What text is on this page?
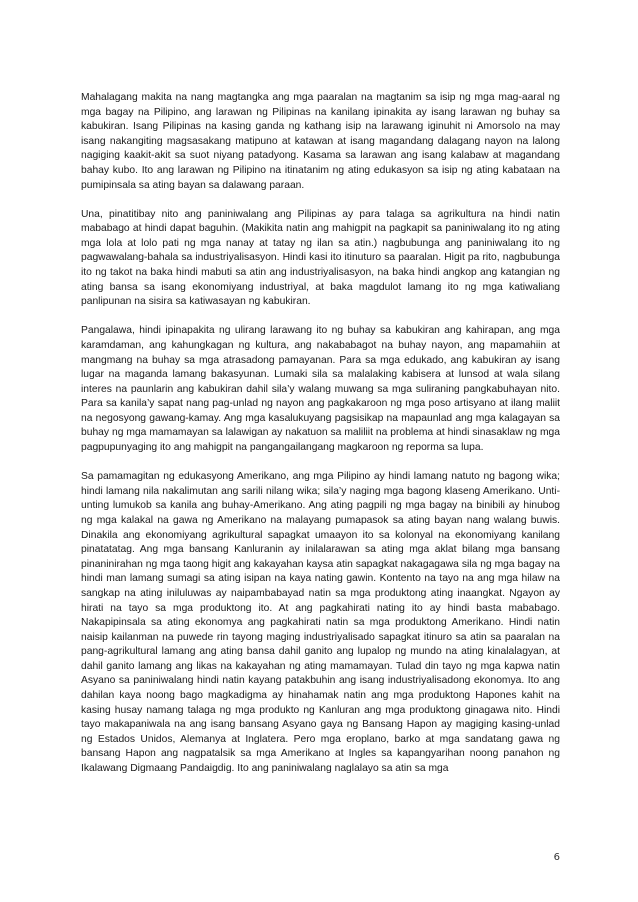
Mahalagang makita na nang magtangka ang mga paaralan na magtanim sa isip ng mga mag-aaral ng mga bagay na Pilipino, ang larawan ng Pilipinas na kanilang ipinakita ay isang larawan ng buhay sa kabukiran. Isang Pilipinas na kasing ganda ng kathang isip na larawang iginuhit ni Amorsolo na may isang nakangiting magsasakang matipuno at katawan at isang magandang dalagang nayon na lalong nagiging kaakit-akit sa suot niyang patadyong. Kasama sa larawan ang isang kalabaw at magandang bahay kubo. Ito ang larawan ng Pilipino na itinatanim ng ating edukasyon sa isip ng ating kabataan na pumipinsala sa ating bayan sa dalawang paraan.

Una, pinatitibay nito ang paniniwalang ang Pilipinas ay para talaga sa agrikultura na hindi natin mababago at hindi dapat baguhin. (Makikita natin ang mahigpit na pagkapit sa paniniwalang ito ng ating mga lola at lolo pati ng mga nanay at tatay ng ilan sa atin.) nagbubunga ang paniniwalang ito ng pagwawalang-bahala sa industriyalisasyon. Hindi kasi ito itinuturo sa paaralan. Higit pa rito, nagbubunga ito ng takot na baka hindi mabuti sa atin ang industriyalisasyon, na baka hindi angkop ang katangian ng ating bansa sa isang ekonomiyang industriyal, at baka magdulot lamang ito ng mga katiwaliang panlipunan na sisira sa katiwasayan ng kabukiran.

Pangalawa, hindi ipinapakita ng ulirang larawang ito ng buhay sa kabukiran ang kahirapan, ang mga karamdaman, ang kahungkagan ng kultura, ang nakababagot na buhay nayon, ang mapamahiin at mangmang na buhay sa mga atrasadong pamayanan. Para sa mga edukado, ang kabukiran ay isang lugar na maganda lamang bakasyunan. Lumaki sila sa malalaking kabisera at lunsod at wala silang interes na paunlarin ang kabukiran dahil sila’y walang muwang sa mga suliraning pangkabuhayan nito. Para sa kanila’y sapat nang pag-unlad ng nayon ang pagkakaroon ng mga poso artisyano at ilang maliit na negosyong gawang-kamay. Ang mga kasalukuyang pagsisikap na mapaunlad ang mga kalagayan sa buhay ng mga mamamayan sa lalawigan ay nakatuon sa maliliit na problema at hindi sinasaklaw ng mga pagpupunyaging ito ang mahigpit na pangangailangang magkaroon ng reporma sa lupa.

Sa pamamagitan ng edukasyong Amerikano, ang mga Pilipino ay hindi lamang natuto ng bagong wika; hindi lamang nila nakalimutan ang sarili nilang wika; sila’y naging mga bagong klaseng Amerikano. Unti-unting lumukob sa kanila ang buhay-Amerikano. Ang ating pagpili ng mga bagay na binibili ay hinubog ng mga kalakal na gawa ng Amerikano na malayang pumapasok sa ating bayan nang walang buwis. Dinakila ang ekonomiyang agrikultural sapagkat umaayon ito sa kolonyal na ekonomiyang kanilang pinatatatag. Ang mga bansang Kanluranin ay inilalarawan sa ating mga aklat bilang mga bansang pinaninirahan ng mga taong higit ang kakayahan kaysa atin sapagkat nakagagawa sila ng mga bagay na hindi man lamang sumagi sa ating isipan na kaya nating gawin. Kontento na tayo na ang mga hilaw na sangkap na ating iniluluwas ay naipambabayad natin sa mga produktong ating inaangkat. Ngayon ay hirati na tayo sa mga produktong ito. At ang pagkahirati nating ito ay hindi basta mababago. Nakapipinsala sa ating ekonomya ang pagkahirati natin sa mga produktong Amerikano. Hindi natin naisip kailanman na puwede rin tayong maging industriyalisado sapagkat itinuro sa atin sa paaralan na pang-agrikultural lamang ang ating bansa dahil ganito ang lupalop ng mundo na ating kinalalagyan, at dahil ganito lamang ang likas na kakayahan ng ating mamamayan. Tulad din tayo ng mga kapwa natin Asyano sa paniniwalang hindi natin kayang patakbuhin ang isang industriyalisadong ekonomya. Ito ang dahilan kaya noong bago magkadigma ay hinahamak natin ang mga produktong Hapones kahit na kasing husay namang talaga ng mga produkto ng Kanluran ang mga produktong ginagawa nito. Hindi tayo makapaniwala na ang isang bansang Asyano gaya ng Bansang Hapon ay magiging kasing-unlad ng Estados Unidos, Alemanya at Inglatera. Pero mga eroplano, barko at mga sandatang gawa ng bansang Hapon ang nagpatalsik sa mga Amerikano at Ingles sa kapangyarihan noong panahon ng Ikalawang Digmaang Pandaigdig. Ito ang paniniwalang naglalayo sa atin sa mga

6
